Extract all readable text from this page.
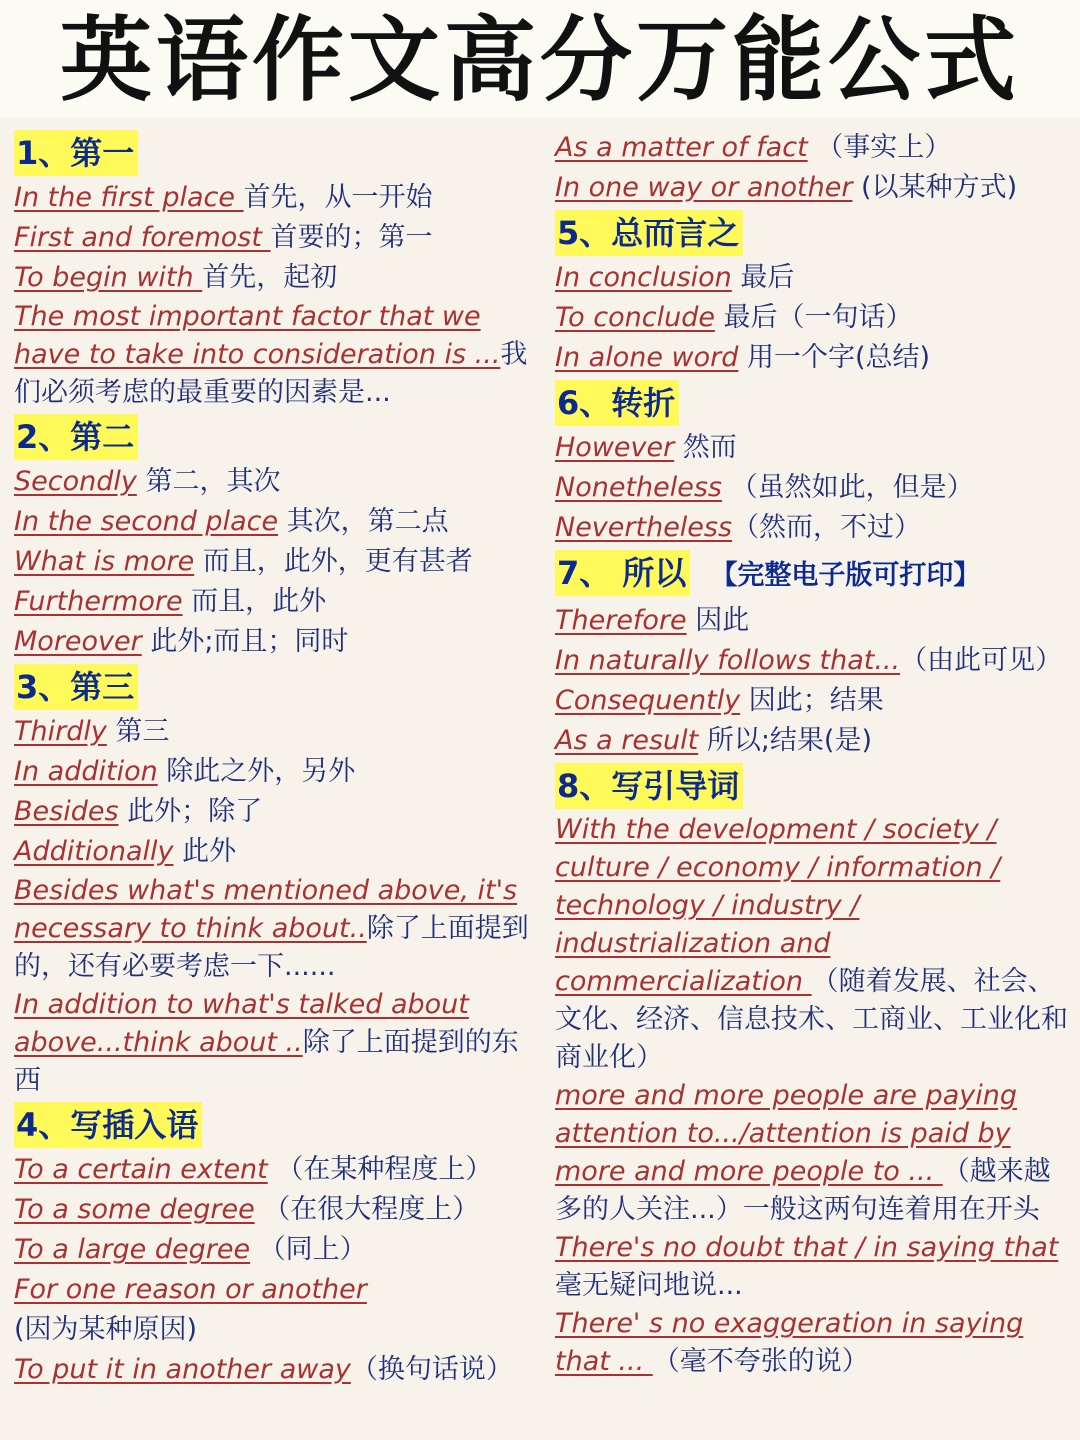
英语作文高分万能公式
1、第一
In the first place 首先，从一开始
First and foremost 首要的；第一
To begin with 首先，起初
The most important factor that we have to take into consideration is ...我们必须考虑的最重要的因素是...
2、第二
Secondly 第二，其次
In the second place 其次，第二点
What is more 而且，此外，更有甚者
Furthermore 而且，此外
Moreover 此外;而且；同时
3、第三
Thirdly 第三
In addition 除此之外，另外
Besides 此外；除了
Additionally 此外
Besides what's mentioned above, it's necessary to think about..除了上面提到的，还有必要考虑一下......
In addition to what's talked about above...think about ..除了上面提到的东西
4、写插入语
To a certain extent （在某种程度上）
To a some degree （在很大程度上）
To a large degree （同上）
For one reason or another
(因为某种原因)
To put it in another away（换句话说）
As a matter of fact （事实上）
In one way or another (以某种方式)
5、总而言之
In conclusion 最后
To conclude 最后（一句话）
In alone word 用一个字(总结)
6、转折
However 然而
Nonetheless （虽然如此，但是）
Nevertheless（然而，不过）
7、 所以 【完整电子版可打印】
Therefore 因此
In naturally follows that...（由此可见）
Consequently 因此；结果
As a result 所以;结果(是)
8、写引导词
With the development / society / culture / economy / information / technology / industry / industrialization and commercialization （随着发展、社会、文化、经济、信息技术、工商业、工业化和商业化）
more and more people are paying attention to.../attention is paid by more and more people to ... （越来越多的人关注...）一般这两句连着用在开头
There's no doubt that / in saying that毫无疑问地说...
There' s no exaggeration in saying that ... （毫不夸张的说）
